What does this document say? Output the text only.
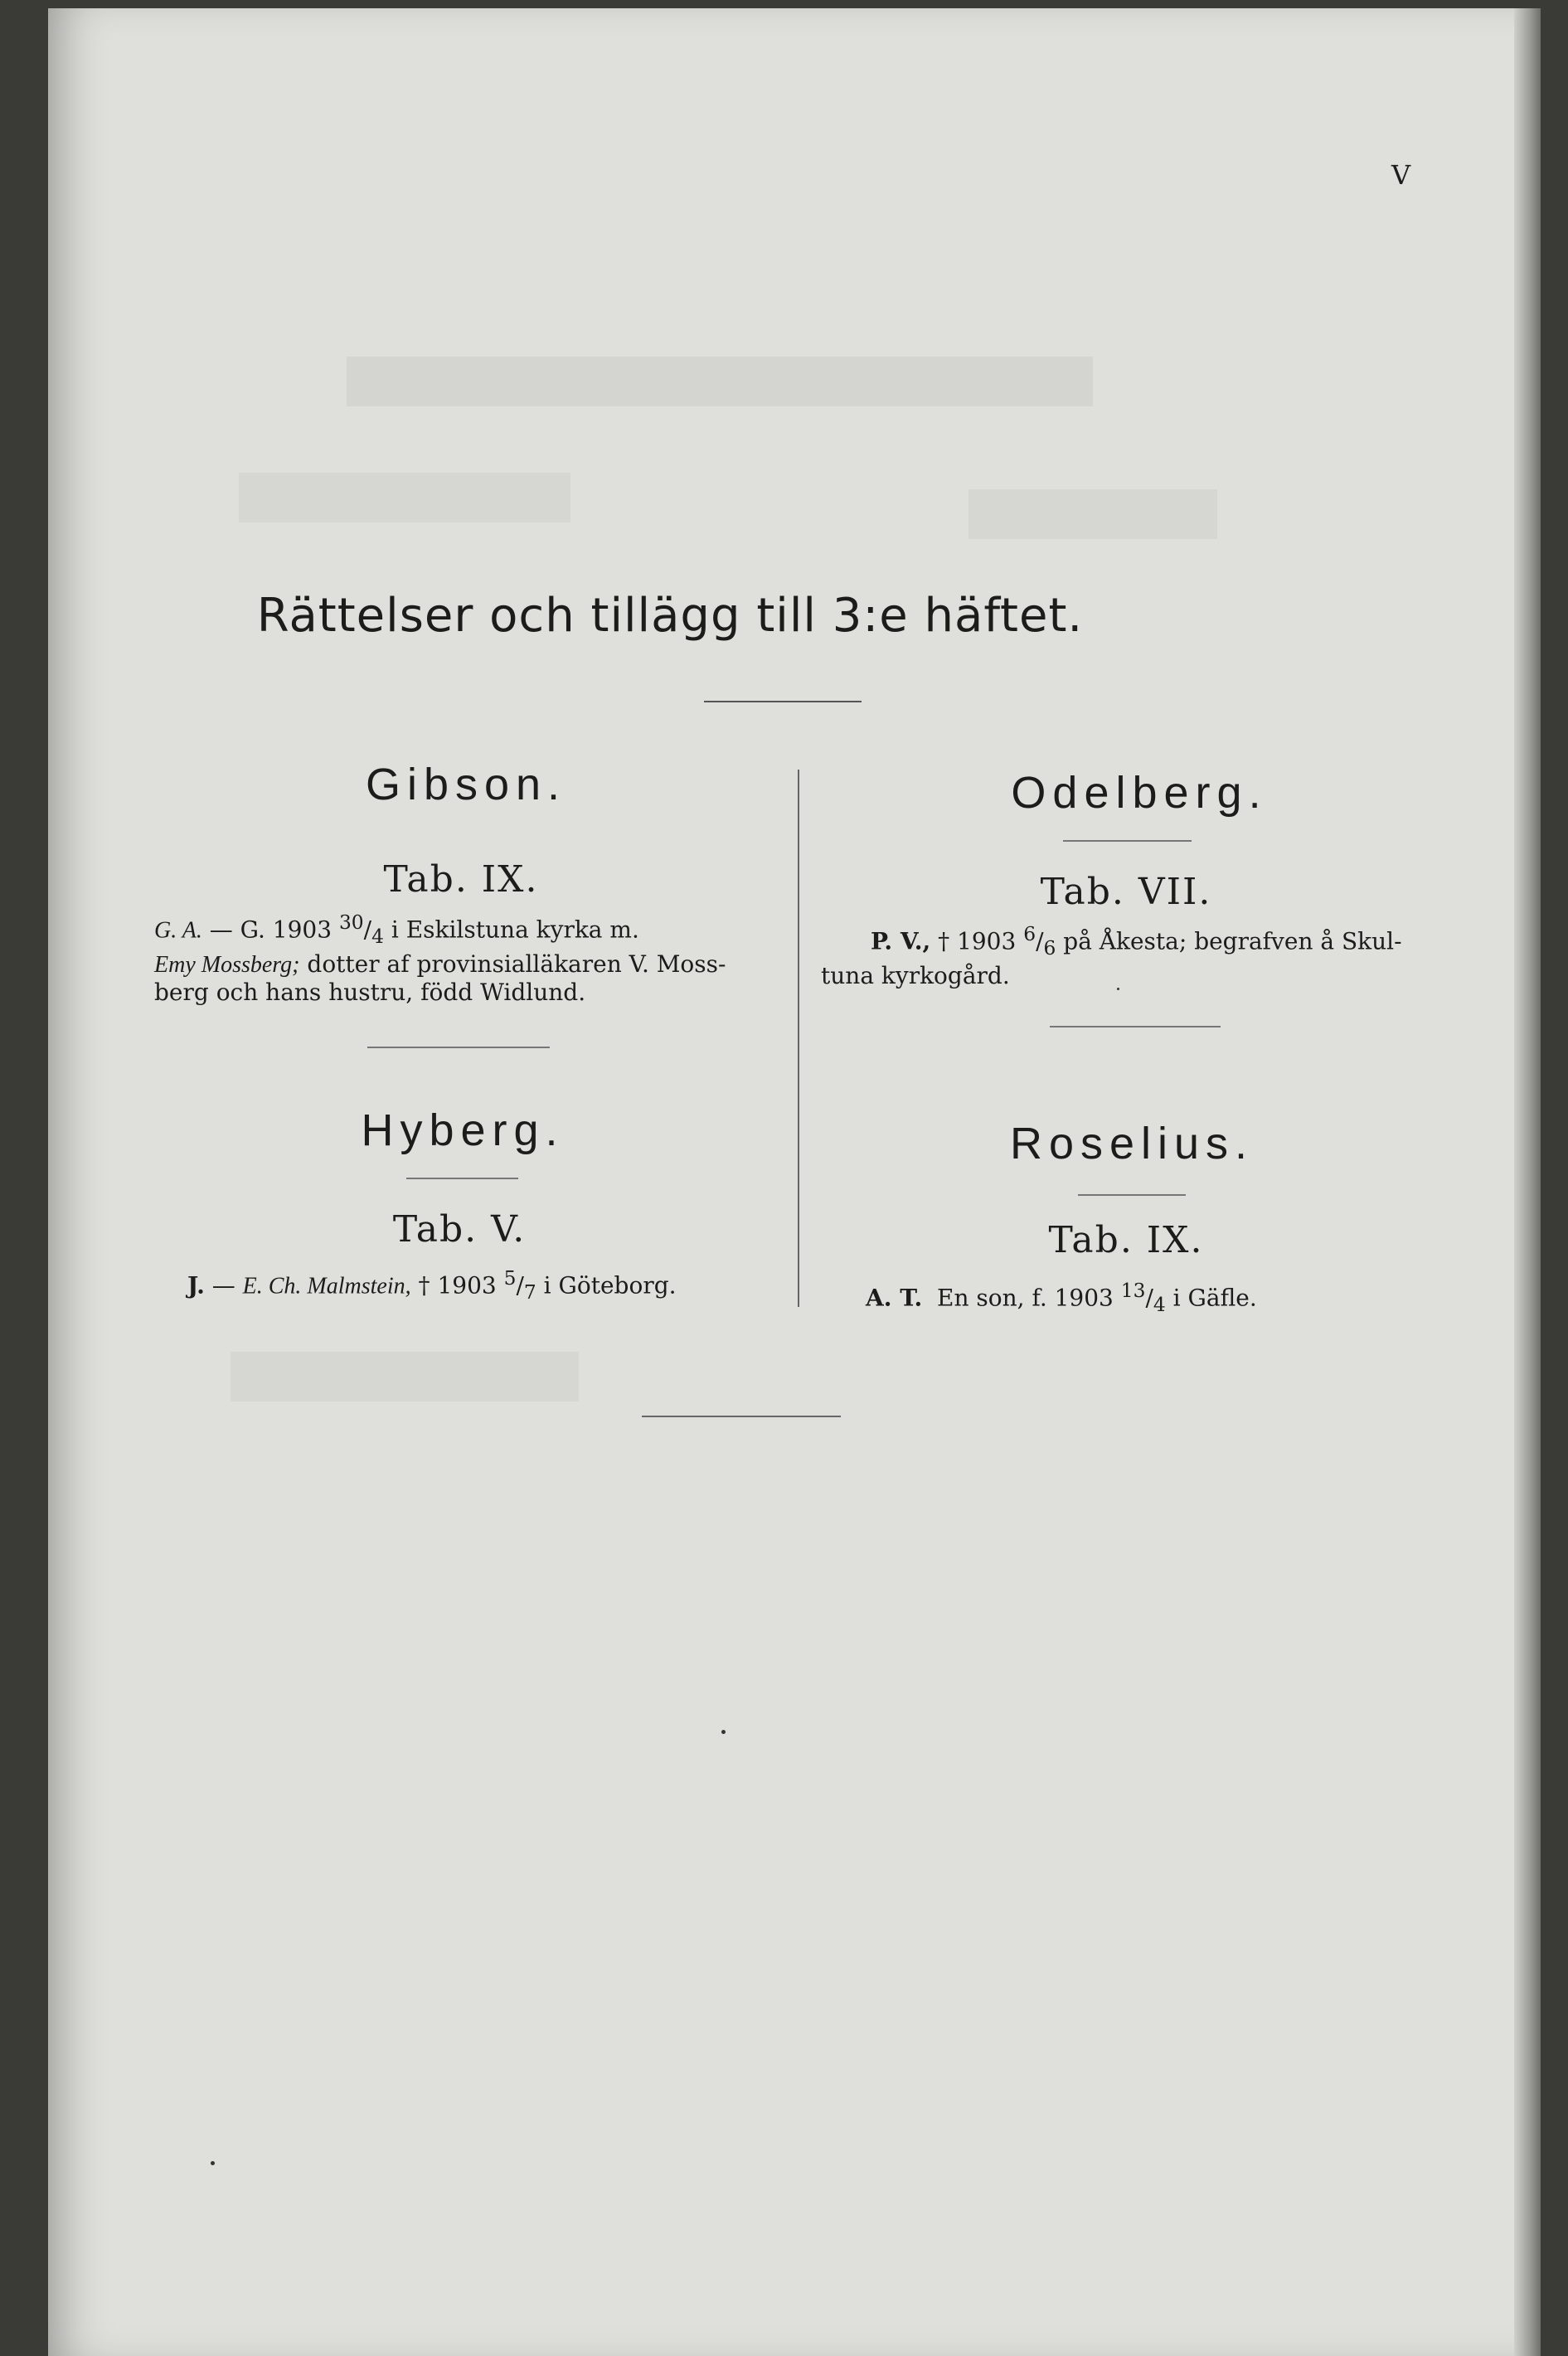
V
Rättelser och tillägg till 3:e häftet.
Gibson.
Tab. IX.
G. A. — G. 1903 $^{30}/_4$ i Eskilstuna kyrka m.
Emy Mossberg; dotter af provinsialläkaren V. Moss-
berg och hans hustru, född Widlund.
Hyberg.
Tab. V.
J. — E. Ch. Malmstein, † 1903 $^5/_7$ i Göteborg.
Odelberg.
Tab. VII.
P. V., † 1903 $^6/_6$ på Åkesta; begrafven å Skul-
tuna kyrkogård.
Roselius.
Tab. IX.
A. T. En son, f. 1903 $^{13}/_4$ i Gäfle.
